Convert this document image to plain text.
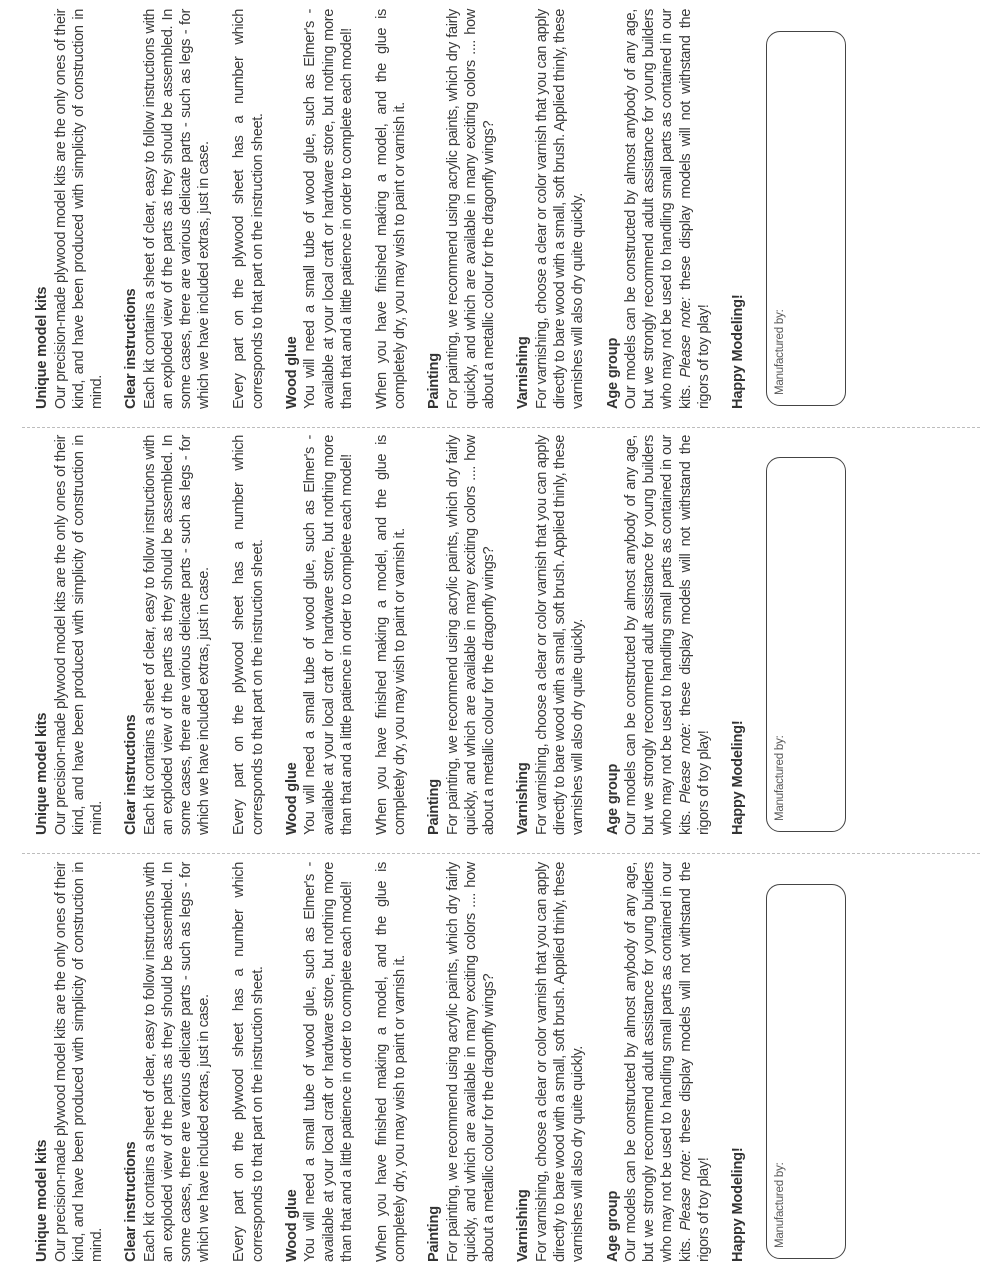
Unique model kits Our precision-made plywood model kits are the only ones of their kind, and have been produced with simplicity of construction in mind. Clear instructions Each kit contains a sheet of clear, easy to follow instructions with an exploded view of the parts as they should be assembled. In some cases, there are various delicate parts - such as legs - for which we have included extras, just in case. Every part on the plywood sheet has a number which corresponds to that part on the instruction sheet. Wood glue You will need a small tube of wood glue, such as Elmer's - available at your local craft or hardware store, but nothing more than that and a little patience in order to complete each model! When you have finished making a model, and the glue is completely dry, you may wish to paint or varnish it. Painting For painting, we recommend using acrylic paints, which dry fairly quickly, and which are available in many exciting colors .... how about a metallic colour for the dragonfly wings? Varnishing For varnishing, choose a clear or color varnish that you can apply directly to bare wood with a small, soft brush. Applied thinly, these varnishes will also dry quite quickly. Age group Our models can be constructed by almost anybody of any age, but we strongly recommend adult assistance for young builders who may not be used to handling small parts as contained in our kits. Please note: these display models will not withstand the rigors of toy play! Happy Modeling! Manufactured by:
Unique model kits Our precision-made plywood model kits are the only ones of their kind, and have been produced with simplicity of construction in mind. Clear instructions Each kit contains a sheet of clear, easy to follow instructions with an exploded view of the parts as they should be assembled. In some cases, there are various delicate parts - such as legs - for which we have included extras, just in case. Every part on the plywood sheet has a number which corresponds to that part on the instruction sheet. Wood glue You will need a small tube of wood glue, such as Elmer's - available at your local craft or hardware store, but nothing more than that and a little patience in order to complete each model! When you have finished making a model, and the glue is completely dry, you may wish to paint or varnish it. Painting For painting, we recommend using acrylic paints, which dry fairly quickly, and which are available in many exciting colors .... how about a metallic colour for the dragonfly wings? Varnishing For varnishing, choose a clear or color varnish that you can apply directly to bare wood with a small, soft brush. Applied thinly, these varnishes will also dry quite quickly. Age group Our models can be constructed by almost anybody of any age, but we strongly recommend adult assistance for young builders who may not be used to handling small parts as contained in our kits. Please note: these display models will not withstand the rigors of toy play! Happy Modeling! Manufactured by:
Unique model kits Our precision-made plywood model kits are the only ones of their kind, and have been produced with simplicity of construction in mind. Clear instructions Each kit contains a sheet of clear, easy to follow instructions with an exploded view of the parts as they should be assembled. In some cases, there are various delicate parts - such as legs - for which we have included extras, just in case. Every part on the plywood sheet has a number which corresponds to that part on the instruction sheet. Wood glue You will need a small tube of wood glue, such as Elmer's - available at your local craft or hardware store, but nothing more than that and a little patience in order to complete each model! When you have finished making a model, and the glue is completely dry, you may wish to paint or varnish it. Painting For painting, we recommend using acrylic paints, which dry fairly quickly, and which are available in many exciting colors .... how about a metallic colour for the dragonfly wings? Varnishing For varnishing, choose a clear or color varnish that you can apply directly to bare wood with a small, soft brush. Applied thinly, these varnishes will also dry quite quickly. Age group Our models can be constructed by almost anybody of any age, but we strongly recommend adult assistance for young builders who may not be used to handling small parts as contained in our kits. Please note: these display models will not withstand the rigors of toy play! Happy Modeling! Manufactured by:
